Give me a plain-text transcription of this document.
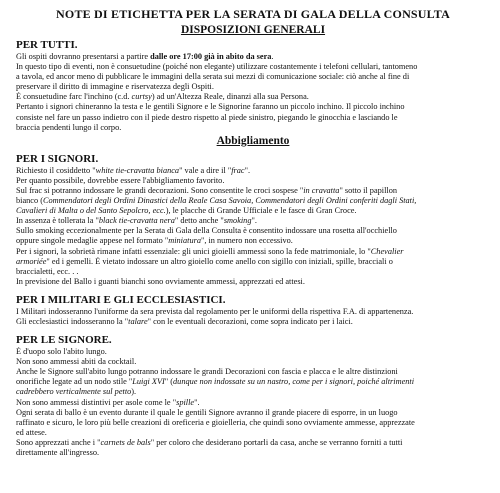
NOTE DI ETICHETTA PER LA SERATA DI GALA DELLA CONSULTA
DISPOSIZIONI GENERALI
PER TUTTI.

Gli ospiti dovranno presentarsi a partire dalle ore 17:00 già in abito da sera.

In questo tipo di eventi, non è consuetudine (poiché non elegante) utilizzare costantemente i telefoni cellulari, tantomeno

a tavola, ed ancor meno di pubblicare le immagini della serata sui mezzi di comunicazione sociale: ciò anche al fine di

preservare il diritto di immagine e riservatezza degli Ospiti.

È consuetudine farc l'inchino (c.d. curtsy) ad un'Altezza Reale, dinanzi alla sua Persona.

Pertanto i signori chineranno la testa e le gentili Signore e le Signorine faranno un piccolo inchino. Il piccolo inchino

consiste nel fare un passo indietro con il piede destro rispetto al piede sinistro, piegando le ginocchia e lasciando le

braccia pendenti lungo il corpo.

Abbigliamento
PER I SIGNORI.

Richiesto il cosiddetto "white tie-cravatta bianca" vale a dire il "frac".

Per quanto possibile, dovrebbe essere l'abbigliamento favorito.

Sul frac si potranno indossare le grandi decorazioni. Sono consentite le croci sospese "in cravatta" sotto il papillon

bianco (Commendatori degli Ordini Dinastici della Reale Casa Savoia, Commendatori degli Ordini conferiti dagli Stati,

Cavalieri di Malta o del Santo Sepolcro, ecc.), le placche di Grande Ufficiale e le fasce di Gran Croce.

In assenza è tollerata la "black tie-cravatta nera" detto anche "smoking".

Sullo smoking eccezionalmente per la Serata di Gala della Consulta è consentito indossare una rosetta all'occhiello

oppure singole medaglie appese nel formato "miniatura", in numero non eccessivo.

Per i signori, la sobrietà rimane infatti essenziale: gli unici gioielli ammessi sono la fede matrimoniale, lo "Chevalier

armoriée" ed i gemelli. È vietato indossare un altro gioiello come anello con sigillo con iniziali, spille, bracciali o

braccialetti, ecc. . .

In previsione del Ballo i guanti bianchi sono ovviamente ammessi, apprezzati ed attesi.

PER I MILITARI E GLI ECCLESIASTICI.

I Militari indosseranno l'uniforme da sera prevista dal regolamento per le uniformi della rispettiva F.A. di appartenenza.

Gli ecclesiastici indosseranno la "talare" con le eventuali decorazioni, come sopra indicato per i laici.

PER LE SIGNORE.

È d'uopo solo l'abito lungo.

Non sono ammessi abiti da cocktail.

Anche le Signore sull'abito lungo potranno indossare le grandi Decorazioni con fascia e placca e le altre distinzioni

onorifiche legate ad un nodo stile "Luigi XVI" (dunque non indossate su un nastro, come per i signori, poiché altrimenti

cadrebbero verticalmente sul petto).

Non sono ammessi distintivi per asole come le "spille".

Ogni serata di ballo è un evento durante il quale le gentili Signore avranno il grande piacere di esporre, in un luogo

raffinato e sicuro, le loro più belle creazioni di oreficeria e gioielleria, che quindi sono ovviamente ammesse, apprezzate

ed attese.

Sono apprezzati anche i "carnets de bals" per coloro che desiderano portarli da casa, anche se verranno forniti a tutti

direttamente all'ingresso.
